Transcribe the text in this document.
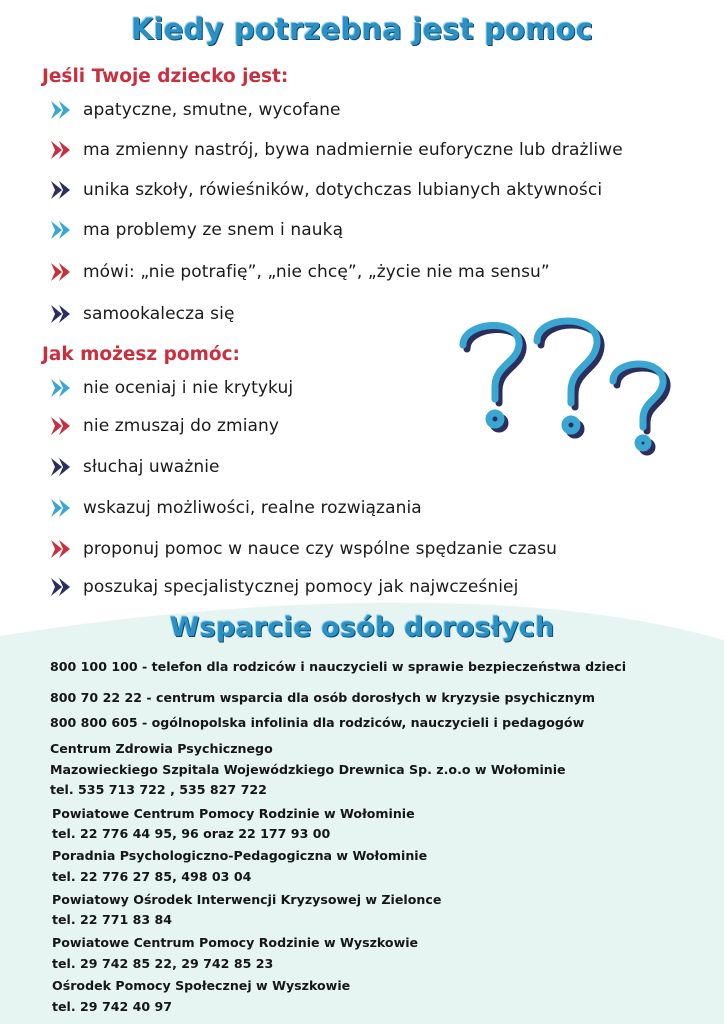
Kiedy potrzebna jest pomoc
Jeśli Twoje dziecko jest:
apatyczne, smutne, wycofane
ma zmienny nastrój, bywa nadmiernie euforyczne lub drażliwe
unika szkoły, rówieśników, dotychczas lubianych aktywności
ma problemy ze snem i nauką
mówi: „nie potrafię”, „nie chcę”, „życie nie ma sensu”
samookalecza się
Jak możesz pomóc:
nie oceniaj i nie krytykuj
nie zmuszaj do zmiany
słuchaj uważnie
wskazuj możliwości, realne rozwiązania
proponuj pomoc w nauce czy wspólne spędzanie czasu
poszukaj specjalistycznej pomocy jak najwcześniej
Wsparcie osób dorosłych
800 100 100 - telefon dla rodziców i nauczycieli w sprawie bezpieczeństwa dzieci
800 70 22 22 - centrum wsparcia dla osób dorosłych w kryzysie psychicznym
800 800 605 - ogólnopolska infolinia dla rodziców, nauczycieli i pedagogów
Centrum Zdrowia Psychicznego
Mazowieckiego Szpitala Wojewódzkiego Drewnica Sp. z.o.o w Wołominie
tel. 535 713 722 , 535 827 722
Powiatowe Centrum Pomocy Rodzinie w Wołominie
tel. 22 776 44 95, 96 oraz 22 177 93 00
Poradnia Psychologiczno-Pedagogiczna w Wołominie
tel. 22 776 27 85, 498 03 04
Powiatowy Ośrodek Interwencji Kryzysowej w Zielonce
tel. 22 771 83 84
Powiatowe Centrum Pomocy Rodzinie w Wyszkowie
tel. 29 742 85 22, 29 742 85 23
Ośrodek Pomocy Społecznej w Wyszkowie
tel. 29 742 40 97
